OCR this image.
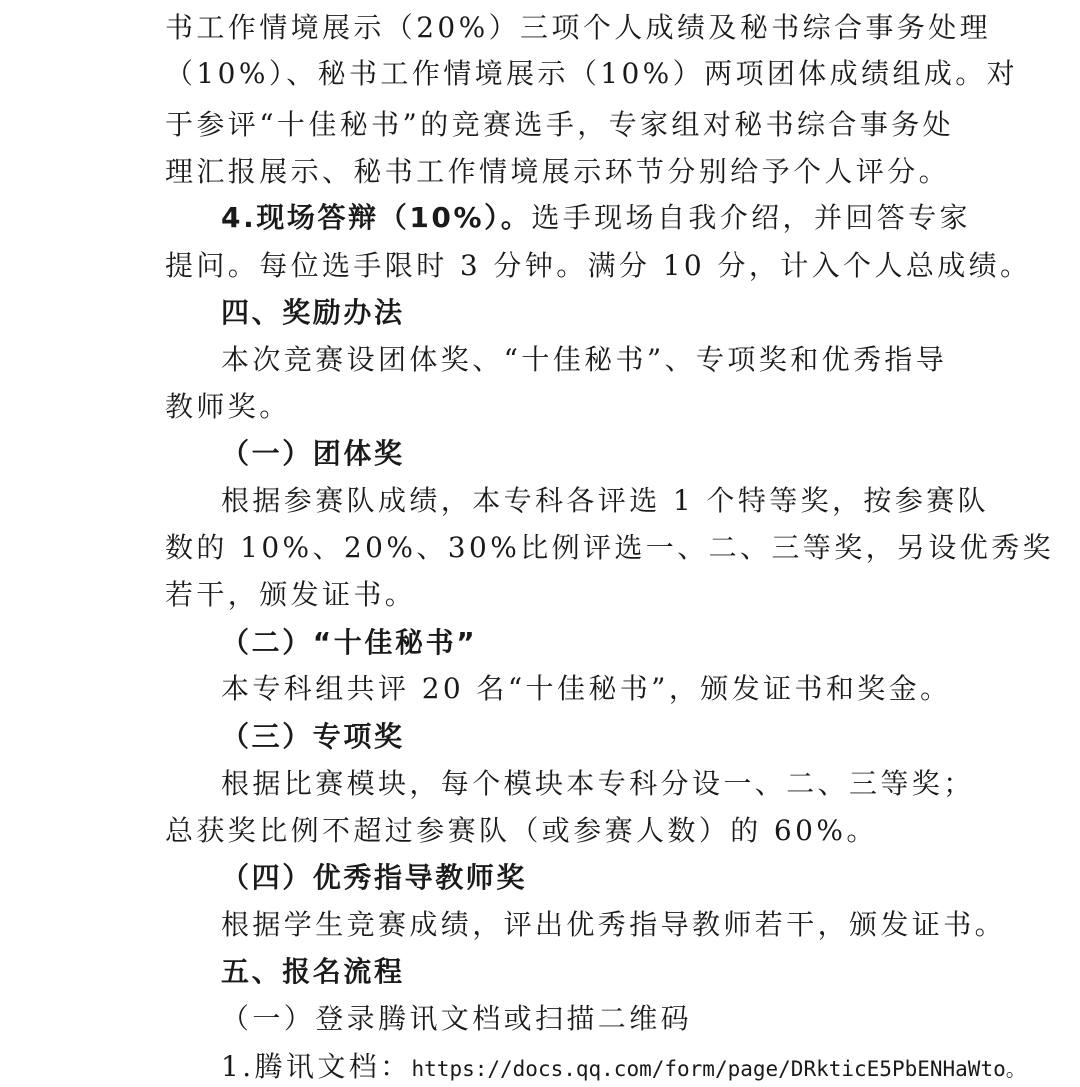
书工作情境展示（20%）三项个人成绩及秘书综合事务处理
（10%）、秘书工作情境展示（10%）两项团体成绩组成。对
于参评“十佳秘书”的竞赛选手，专家组对秘书综合事务处
理汇报展示、秘书工作情境展示环节分别给予个人评分。
4.现场答辩（10%）。选手现场自我介绍，并回答专家
提问。每位选手限时 3 分钟。满分 10 分，计入个人总成绩。
四、奖励办法
本次竞赛设团体奖、“十佳秘书”、专项奖和优秀指导
教师奖。
（一）团体奖
根据参赛队成绩，本专科各评选 1 个特等奖，按参赛队
数的 10%、20%、30%比例评选一、二、三等奖，另设优秀奖
若干，颁发证书。
（二）“十佳秘书”
本专科组共评 20 名“十佳秘书”，颁发证书和奖金。
（三）专项奖
根据比赛模块，每个模块本专科分设一、二、三等奖；
总获奖比例不超过参赛队（或参赛人数）的 60%。
（四）优秀指导教师奖
根据学生竞赛成绩，评出优秀指导教师若干，颁发证书。
五、报名流程
（一）登录腾讯文档或扫描二维码
1.腾讯文档：https://docs.qq.com/form/page/DRkticE5PbENHaWto。
